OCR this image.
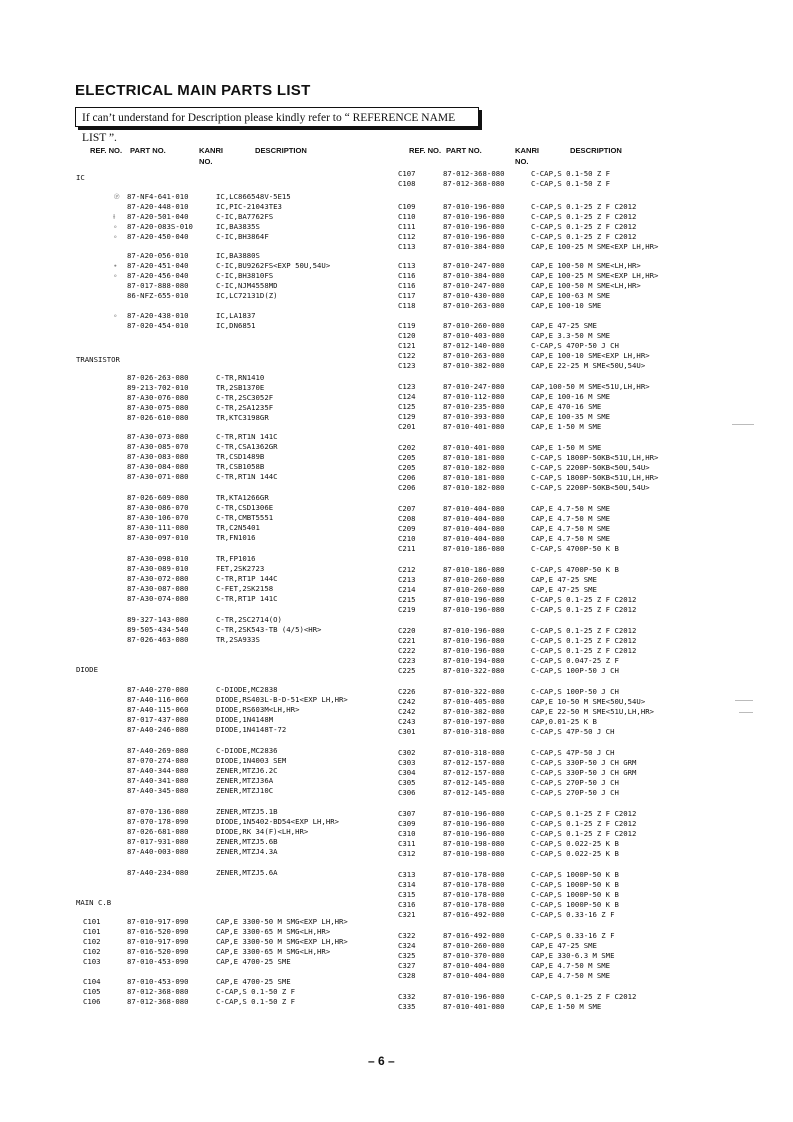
ELECTRICAL MAIN PARTS LIST
If can’t understand for Description please kindly refer to “ REFERENCE NAME LIST ”.
REF. NO. PART NO.	KANRI
NO.
DESCRIPTION	REF. NO. PART NO.	KANRI
NO.
DESCRIPTION
IC
℗ 87-NF4-641-010	IC,LC866548V-5E15
87-A20-448-010	IC,PIC-21043TE3
Ɨ 87-A20-501-040	C-IC,BA7762FS
∘ 87-A20-083S-010	IC,BA3835S
∘ 87-A20-450-040	C-IC,BH3864F
87-A20-056-010	IC,BA3880S
∙ 87-A20-451-040	C-IC,BU9262FS<EXP 50U,54U>
∘ 87-A20-456-040	C-IC,BH3810FS
87-017-888-080	C-IC,NJM4558MD
86-NFZ-655-010	IC,LC72131D(Z)
∘ 87-A20-438-010	IC,LA1837
87-020-454-010	IC,DN6851
TRANSISTOR
87-026-263-080	C-TR,RN1410
89-213-702-010	TR,2SB1370E
87-A30-076-080	C-TR,2SC3052F
87-A30-075-080	C-TR,2SA1235F
87-026-610-080	TR,KTC3198GR
87-A30-073-080	C-TR,RT1N 141C
87-A30-085-070	C-TR,CSA1362GR
87-A30-083-080	TR,CSD1489B
87-A30-084-080	TR,CSB1058B
87-A30-071-080	C-TR,RT1N 144C
87-026-609-080	TR,KTA1266GR
87-A30-086-070	C-TR,CSD1306E
87-A30-106-070	C-TR,CMBT5551
87-A30-111-080	TR,C2N5401
87-A30-097-010	TR,FN1016
87-A30-098-010	TR,FP1016
87-A30-089-010	FET,2SK2723
87-A30-072-080	C-TR,RT1P 144C
87-A30-087-080	C-FET,2SK2158
87-A30-074-080	C-TR,RT1P 141C
89-327-143-080	C-TR,2SC2714(O)
89-505-434-540	C-TR,2SK543-TB (4/5)<HR>
87-026-463-080	TR,2SA933S
DIODE
87-A40-270-080	C-DIODE,MC2838
87-A40-116-060	DIODE,RS403L-B-D-51<EXP LH,HR>
87-A40-115-060	DIODE,RS603M<LH,HR>
87-017-437-080	DIODE,1N4148M
87-A40-246-080	DIODE,1N4148T-72
87-A40-269-080	C-DIODE,MC2836
87-070-274-080	DIODE,1N4003 SEM
87-A40-344-080	ZENER,MTZJ6.2C
87-A40-341-080	ZENER,MTZJ36A
87-A40-345-080	ZENER,MTZJ10C
87-070-136-080	ZENER,MTZJ5.1B
87-070-178-090	DIODE,1N5402-BD54<EXP LH,HR>
87-026-681-080	DIODE,RK 34(F)<LH,HR>
87-017-931-080	ZENER,MTZJ5.6B
87-A40-003-080	ZENER,MTZJ4.3A
87-A40-234-080	ZENER,MTZJ5.6A
MAIN C.B
C101	87-010-917-090	CAP,E 3300-50 M SMG<EXP LH,HR>
C101	87-016-520-090	CAP,E 3300-65 M SMG<LH,HR>
C102	87-010-917-090	CAP,E 3300-50 M SMG<EXP LH,HR>
C102	87-016-520-090	CAP,E 3300-65 M SMG<LH,HR>
C103	87-010-453-090	CAP,E 4700-25 SME
C104	87-010-453-090	CAP,E 4700-25 SME
C105	87-012-368-080	C-CAP,S 0.1-50 Z F
C106	87-012-368-080	C-CAP,S 0.1-50 Z F
C107	87-012-368-080	C-CAP,S 0.1-50 Z F
C108	87-012-368-080	C-CAP,S 0.1-50 Z F
C109	87-010-196-080	C-CAP,S 0.1-25 Z F C2012
C110	87-010-196-080	C-CAP,S 0.1-25 Z F C2012
C111	87-010-196-080	C-CAP,S 0.1-25 Z F C2012
C112	87-010-196-080	C-CAP,S 0.1-25 Z F C2012
C113	87-010-384-080	CAP,E 100-25 M SME<EXP LH,HR>
C113	87-010-247-080	CAP,E 100-50 M SME<LH,HR>
C116	87-010-384-080	CAP,E 100-25 M SME<EXP LH,HR>
C116	87-010-247-080	CAP,E 100-50 M SME<LH,HR>
C117	87-010-430-080	CAP,E 100-63 M SME
C118	87-010-263-080	CAP,E 100-10 SME
C119	87-010-260-080	CAP,E 47-25 SME
C120	87-010-403-080	CAP,E 3.3-50 M SME
C121	87-012-140-080	C-CAP,S 470P-50 J CH
C122	87-010-263-080	CAP,E 100-10 SME<EXP LH,HR>
C123	87-010-382-080	CAP,E 22-25 M SME<50U,54U>
C123	87-010-247-080	CAP,100-50 M SME<51U,LH,HR>
C124	87-010-112-080	CAP,E 100-16 M SME
C125	87-010-235-080	CAP,E 470-16 SME
C129	87-010-393-080	CAP,E 100-35 M SME
C201	87-010-401-080	CAP,E 1-50 M SME
C202	87-010-401-080	CAP,E 1-50 M SME
C205	87-010-181-080	C-CAP,S 1800P-50KB<51U,LH,HR>
C205	87-010-182-080	C-CAP,S 2200P-50KB<50U,54U>
C206	87-010-181-080	C-CAP,S 1800P-50KB<51U,LH,HR>
C206	87-010-182-080	C-CAP,S 2200P-50KB<50U,54U>
C207	87-010-404-080	CAP,E 4.7-50 M SME
C208	87-010-404-080	CAP,E 4.7-50 M SME
C209	87-010-404-080	CAP,E 4.7-50 M SME
C210	87-010-404-080	CAP,E 4.7-50 M SME
C211	87-010-186-080	C-CAP,S 4700P-50 K B
C212	87-010-186-080	C-CAP,S 4700P-50 K B
C213	87-010-260-080	CAP,E 47-25 SME
C214	87-010-260-080	CAP,E 47-25 SME
C215	87-010-196-080	C-CAP,S 0.1-25 Z F C2012
C219	87-010-196-080	C-CAP,S 0.1-25 Z F C2012
C220	87-010-196-080	C-CAP,S 0.1-25 Z F C2012
C221	87-010-196-080	C-CAP,S 0.1-25 Z F C2012
C222	87-010-196-080	C-CAP,S 0.1-25 Z F C2012
C223	87-010-194-080	C-CAP,S 0.047-25 Z F
C225	87-010-322-080	C-CAP,S 100P-50 J CH
C226	87-010-322-080	C-CAP,S 100P-50 J CH
C242	87-010-405-080	CAP,E 10-50 M SME<50U,54U>
C242	87-010-382-080	CAP,E 22-50 M SME<51U,LH,HR>
C243	87-010-197-080	CAP,0.01-25 K B
C301	87-010-318-080	C-CAP,S 47P-50 J CH
C302	87-010-318-080	C-CAP,S 47P-50 J CH
C303	87-012-157-080	C-CAP,S 330P-50 J CH GRM
C304	87-012-157-080	C-CAP,S 330P-50 J CH GRM
C305	87-012-145-080	C-CAP,S 270P-50 J CH
C306	87-012-145-080	C-CAP,S 270P-50 J CH
C307	87-010-196-080	C-CAP,S 0.1-25 Z F C2012
C309	87-010-196-080	C-CAP,S 0.1-25 Z F C2012
C310	87-010-196-080	C-CAP,S 0.1-25 Z F C2012
C311	87-010-198-080	C-CAP,S 0.022-25 K B
C312	87-010-198-080	C-CAP,S 0.022-25 K B
C313	87-010-178-080	C-CAP,S 1000P-50 K B
C314	87-010-178-080	C-CAP,S 1000P-50 K B
C315	87-010-178-080	C-CAP,S 1000P-50 K B
C316	87-010-178-080	C-CAP,S 1000P-50 K B
C321	87-016-492-080	C-CAP,S 0.33-16 Z F
C322	87-016-492-080	C-CAP,S 0.33-16 Z F
C324	87-010-260-080	CAP,E 47-25 SME
C325	87-010-370-080	CAP,E 330-6.3 M SME
C327	87-010-404-080	CAP,E 4.7-50 M SME
C328	87-010-404-080	CAP,E 4.7-50 M SME
C332	87-010-196-080	C-CAP,S 0.1-25 Z F C2012
C335	87-010-401-080	CAP,E 1-50 M SME
– 6 –
